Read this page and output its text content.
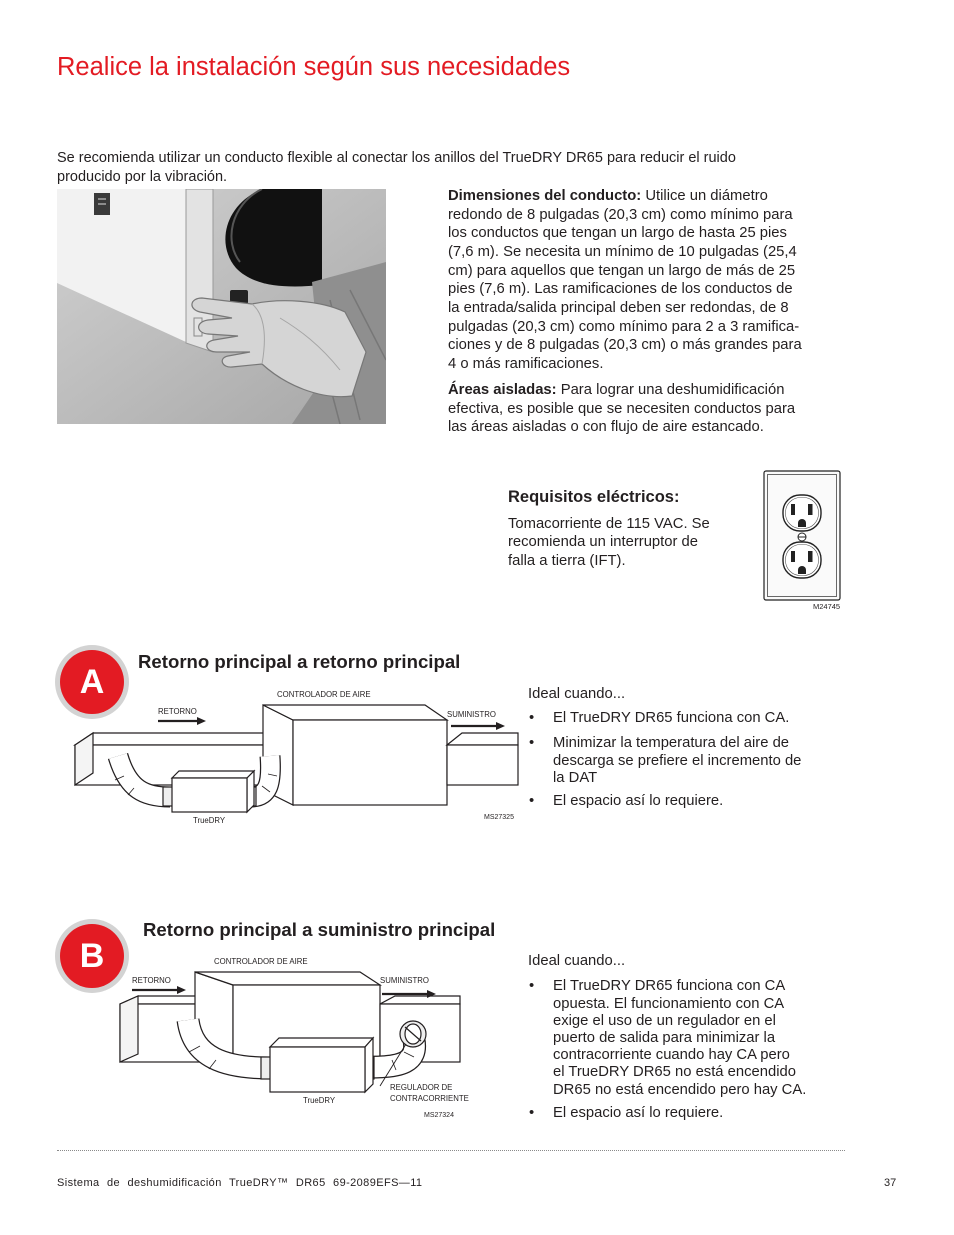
Realice la instalación según sus necesidades
Se recomienda utilizar un conducto flexible al conectar los anillos del TrueDRY DR65 para reducir el ruido
producido por la vibración.
Dimensiones del conducto: Utilice un diámetro
redondo de 8 pulgadas (20,3 cm) como mínimo para
los conductos que tengan un largo de hasta 25 pies
(7,6 m). Se necesita un mínimo de 10 pulgadas (25,4
cm) para aquellos que tengan un largo de más de 25
pies (7,6 m). Las ramificaciones de los conductos de
la entrada/salida principal deben ser redondas, de 8
pulgadas (20,3 cm) como mínimo para 2 a 3 ramifica-
ciones y de 8 pulgadas (20,3 cm) o más grandes para
4 o más ramificaciones.
Áreas aisladas: Para lograr una deshumidificación
efectiva, es posible que se necesiten conductos para
las áreas aisladas o con flujo de aire estancado.
Requisitos eléctricos:
Tomacorriente de 115 VAC. Se
recomienda un interruptor de
falla a tierra (IFT).
M24745
A
Retorno principal a retorno principal
CONTROLADOR DE AIRE
RETORNO	SUMINISTRO
TrueDRY	MS27325
Ideal cuando...
• El TrueDRY DR65 funciona con CA.
• Minimizar la temperatura del aire de
descarga se prefiere el incremento de
la DAT
• El espacio así lo requiere.
B
Retorno principal a suministro principal
CONTROLADOR DE AIRE
RETORNO	SUMINISTRO
TrueDRY
REGULADOR DE
CONTRACORRIENTE
MS27324
Ideal cuando...
• El TrueDRY DR65 funciona con CA
opuesta. El funcionamiento con CA
exige el uso de un regulador en el
puerto de salida para minimizar la
contracorriente cuando hay CA pero
el TrueDRY DR65 no está encendido
DR65 no está encendido pero hay CA.
• El espacio así lo requiere.
Sistema de deshumidificación TrueDRY™ DR65 69-2089EFS—11	37
